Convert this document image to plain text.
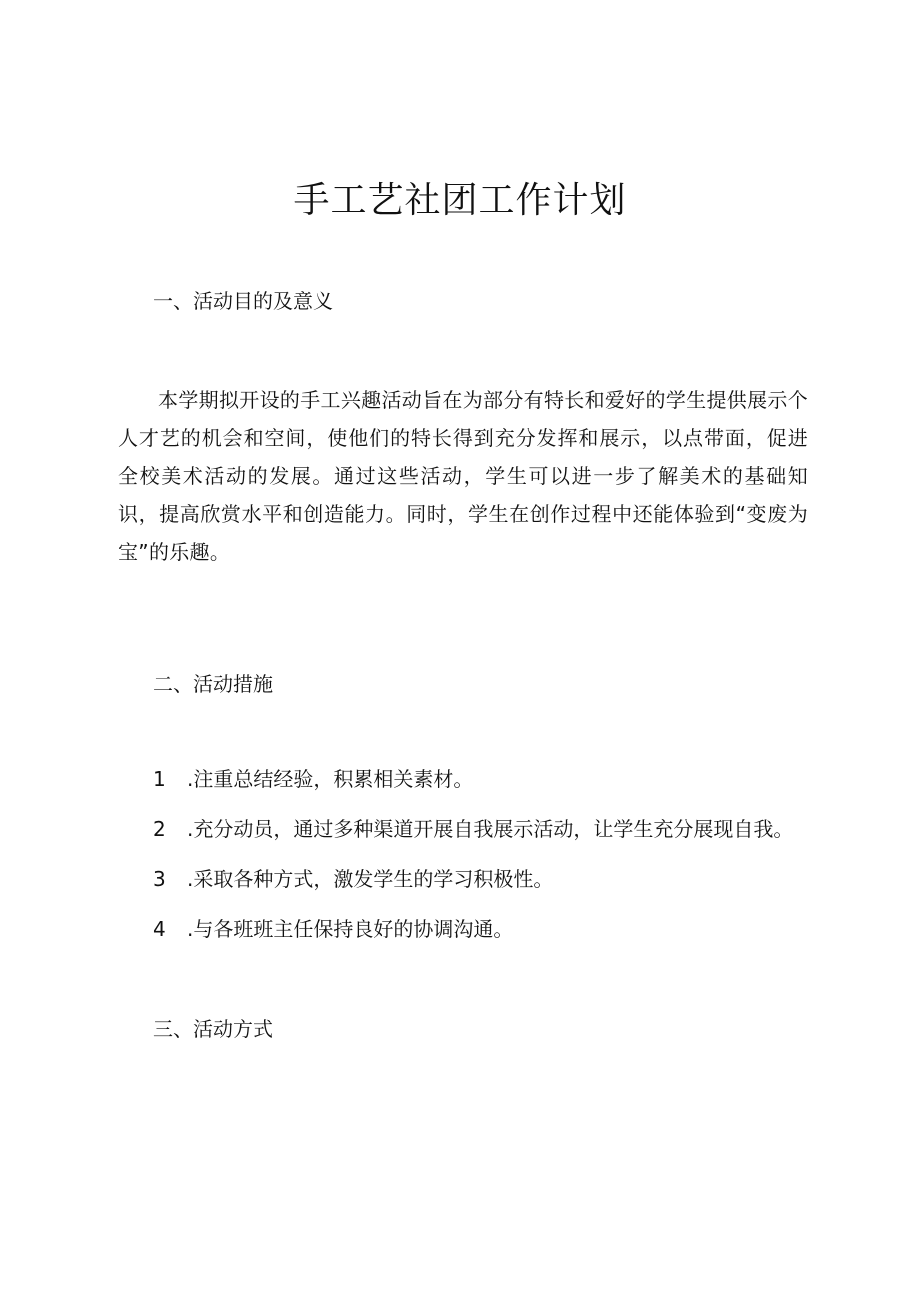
手工艺社团工作计划

一、活动目的及意义

本学期拟开设的手工兴趣活动旨在为部分有特长和爱好的学生提供展示个人才艺的机会和空间，使他们的特长得到充分发挥和展示，以点带面，促进全校美术活动的发展。通过这些活动，学生可以进一步了解美术的基础知识，提高欣赏水平和创造能力。同时，学生在创作过程中还能体验到“变废为宝”的乐趣。

二、活动措施

1 .注重总结经验，积累相关素材。
2 .充分动员，通过多种渠道开展自我展示活动，让学生充分展现自我。
3 .采取各种方式，激发学生的学习积极性。
4 .与各班班主任保持良好的协调沟通。

三、活动方式
